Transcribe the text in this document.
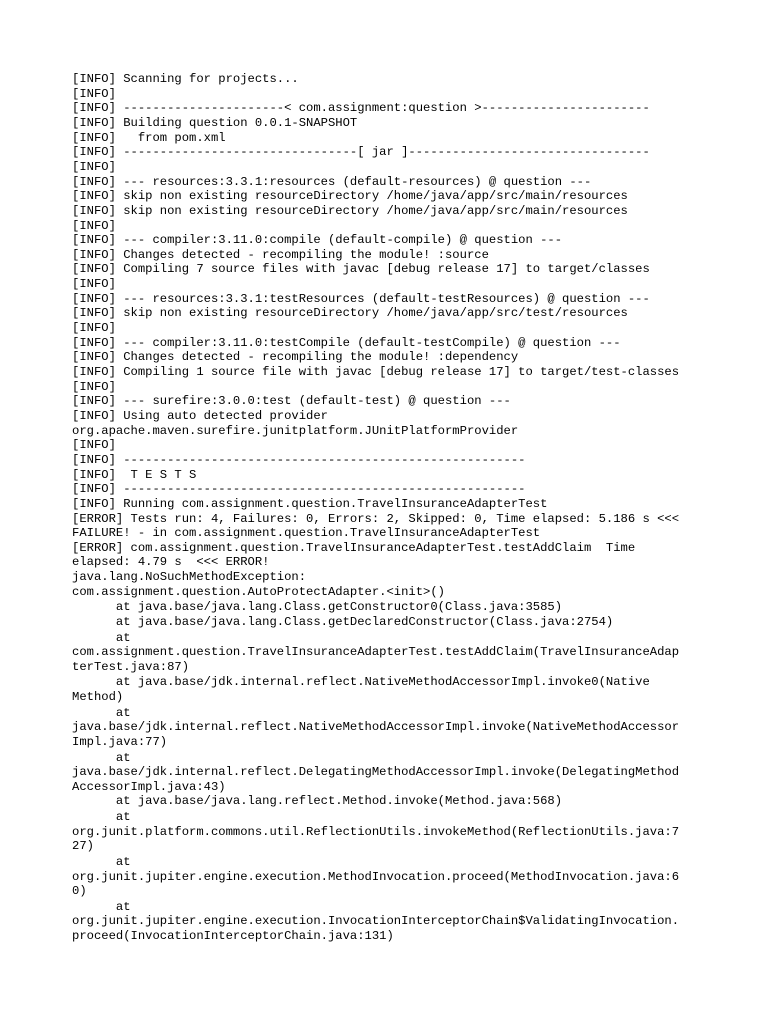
[INFO] Scanning for projects...
[INFO]
[INFO] ----------------------< com.assignment:question >-----------------------
[INFO] Building question 0.0.1-SNAPSHOT
[INFO]   from pom.xml
[INFO] --------------------------------[ jar ]---------------------------------
[INFO]
[INFO] --- resources:3.3.1:resources (default-resources) @ question ---
[INFO] skip non existing resourceDirectory /home/java/app/src/main/resources
[INFO] skip non existing resourceDirectory /home/java/app/src/main/resources
[INFO]
[INFO] --- compiler:3.11.0:compile (default-compile) @ question ---
[INFO] Changes detected - recompiling the module! :source
[INFO] Compiling 7 source files with javac [debug release 17] to target/classes
[INFO]
[INFO] --- resources:3.3.1:testResources (default-testResources) @ question ---
[INFO] skip non existing resourceDirectory /home/java/app/src/test/resources
[INFO]
[INFO] --- compiler:3.11.0:testCompile (default-testCompile) @ question ---
[INFO] Changes detected - recompiling the module! :dependency
[INFO] Compiling 1 source file with javac [debug release 17] to target/test-classes
[INFO]
[INFO] --- surefire:3.0.0:test (default-test) @ question ---
[INFO] Using auto detected provider
org.apache.maven.surefire.junitplatform.JUnitPlatformProvider
[INFO]
[INFO] -------------------------------------------------------
[INFO]  T E S T S
[INFO] -------------------------------------------------------
[INFO] Running com.assignment.question.TravelInsuranceAdapterTest
[ERROR] Tests run: 4, Failures: 0, Errors: 2, Skipped: 0, Time elapsed: 5.186 s <<<
FAILURE! - in com.assignment.question.TravelInsuranceAdapterTest
[ERROR] com.assignment.question.TravelInsuranceAdapterTest.testAddClaim  Time
elapsed: 4.79 s  <<< ERROR!
java.lang.NoSuchMethodException:
com.assignment.question.AutoProtectAdapter.<init>()
at java.base/java.lang.Class.getConstructor0(Class.java:3585)
at java.base/java.lang.Class.getDeclaredConstructor(Class.java:2754)
at
com.assignment.question.TravelInsuranceAdapterTest.testAddClaim(TravelInsuranceAdap
terTest.java:87)
at java.base/jdk.internal.reflect.NativeMethodAccessorImpl.invoke0(Native
Method)
at
java.base/jdk.internal.reflect.NativeMethodAccessorImpl.invoke(NativeMethodAccessor
Impl.java:77)
at
java.base/jdk.internal.reflect.DelegatingMethodAccessorImpl.invoke(DelegatingMethod
AccessorImpl.java:43)
at java.base/java.lang.reflect.Method.invoke(Method.java:568)
at
org.junit.platform.commons.util.ReflectionUtils.invokeMethod(ReflectionUtils.java:7
27)
at
org.junit.jupiter.engine.execution.MethodInvocation.proceed(MethodInvocation.java:6
0)
at
org.junit.jupiter.engine.execution.InvocationInterceptorChain$ValidatingInvocation.
proceed(InvocationInterceptorChain.java:131)
